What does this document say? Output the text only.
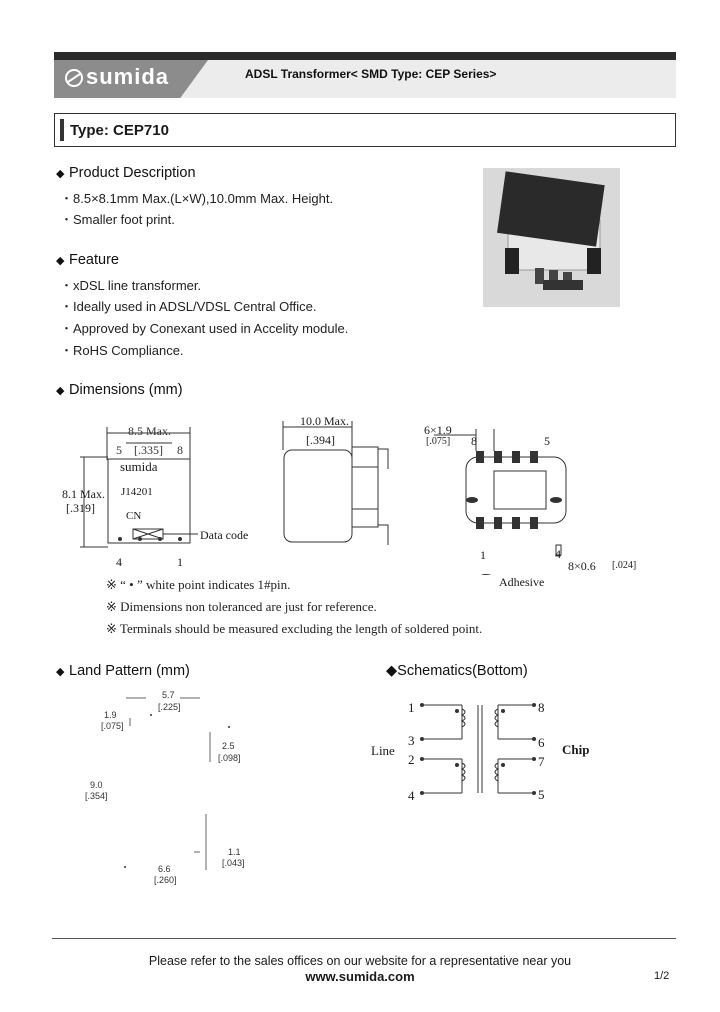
sumida	ADSL Transformer< SMD Type: CEP Series>
Type: CEP710
◆ Product Description
・8.5×8.1mm Max.(L×W),10.0mm Max. Height.
・Smaller foot print.
◆ Feature
・xDSL line transformer.
・Ideally used in ADSL/VDSL Central Office.
・Approved by Conexant used in Accelity module.
・RoHS Compliance.
◆ Dimensions (mm)
8.5 Max.
[.335]
5	8
sumida
J14201
CN
8.1 Max.
[.319]
Data code
4	1
10.0 Max.
[.394]
6×1.9
[.075] 8	5
1	4
8×0.6 [.024]
Adhesive
※ “ • ” white point indicates 1#pin.
※ Dimensions non toleranced are just for reference.
※ Terminals should be measured excluding the length of soldered point.
◆ Land Pattern (mm)
5.7
[.225]
1.9
[.075]
2.5
[.098]
9.0
[.354]
1.1
[.043]
6.6
[.260]
◆Schematics(Bottom)
1
3
2
4
8
6
7
5
Line	Chip
Please refer to the sales offices on our website for a representative near you
www.sumida.com	1/2
